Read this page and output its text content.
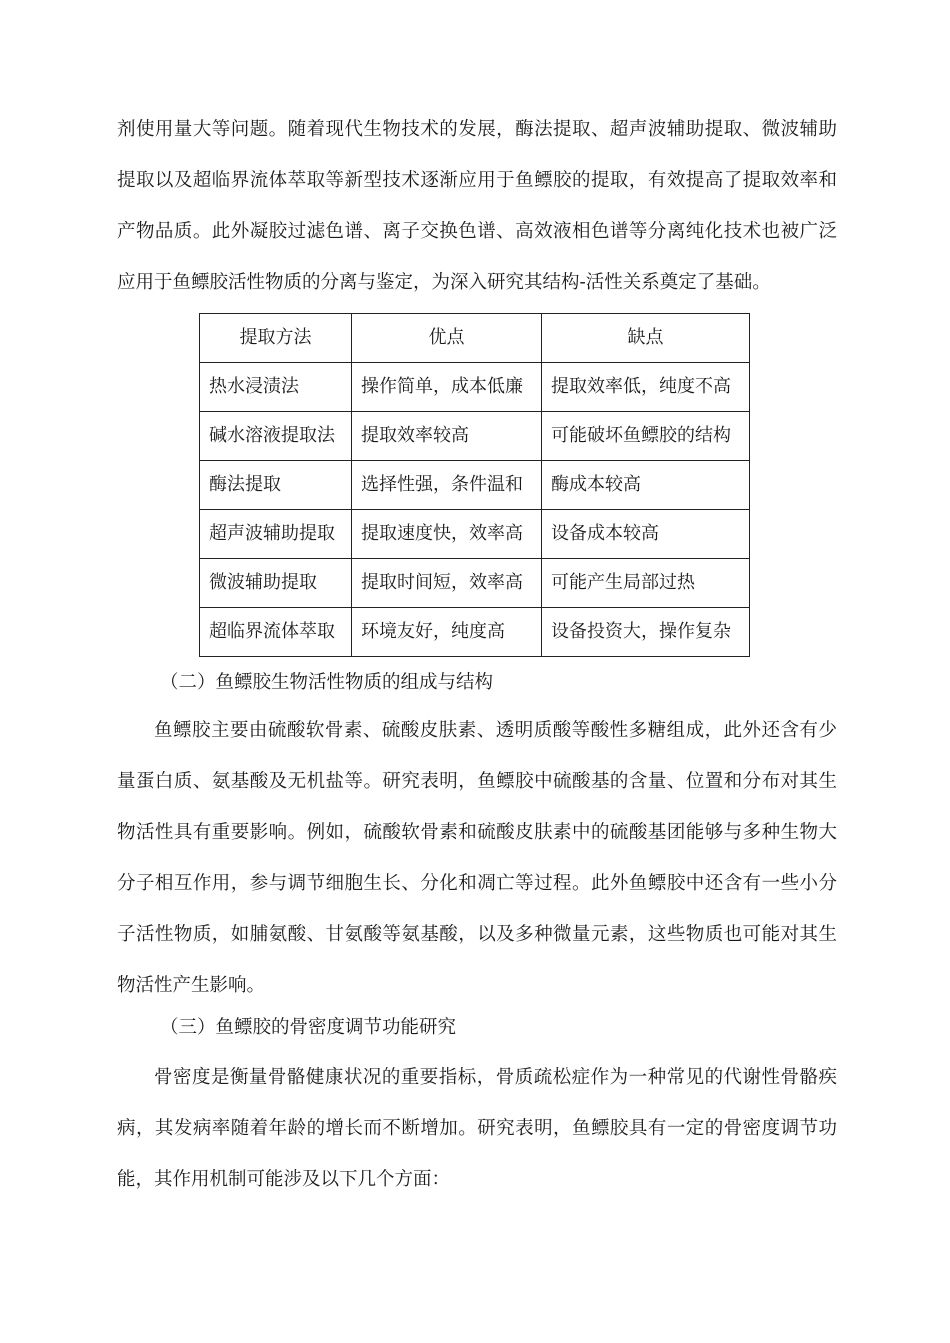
剂使用量大等问题。随着现代生物技术的发展，酶法提取、超声波辅助提取、微波辅助提取以及超临界流体萃取等新型技术逐渐应用于鱼鳔胶的提取，有效提高了提取效率和产物品质。此外凝胶过滤色谱、离子交换色谱、高效液相色谱等分离纯化技术也被广泛应用于鱼鳔胶活性物质的分离与鉴定，为深入研究其结构-活性关系奠定了基础。

提取方法	优点	缺点
热水浸渍法	操作简单，成本低廉	提取效率低，纯度不高
碱水溶液提取法	提取效率较高	可能破坏鱼鳔胶的结构
酶法提取	选择性强，条件温和	酶成本较高
超声波辅助提取	提取速度快，效率高	设备成本较高
微波辅助提取	提取时间短，效率高	可能产生局部过热
超临界流体萃取	环境友好，纯度高	设备投资大，操作复杂

（二）鱼鳔胶生物活性物质的组成与结构

鱼鳔胶主要由硫酸软骨素、硫酸皮肤素、透明质酸等酸性多糖组成，此外还含有少量蛋白质、氨基酸及无机盐等。研究表明，鱼鳔胶中硫酸基的含量、位置和分布对其生物活性具有重要影响。例如，硫酸软骨素和硫酸皮肤素中的硫酸基团能够与多种生物大分子相互作用，参与调节细胞生长、分化和凋亡等过程。此外鱼鳔胶中还含有一些小分子活性物质，如脯氨酸、甘氨酸等氨基酸，以及多种微量元素，这些物质也可能对其生物活性产生影响。

（三）鱼鳔胶的骨密度调节功能研究

骨密度是衡量骨骼健康状况的重要指标，骨质疏松症作为一种常见的代谢性骨骼疾病，其发病率随着年龄的增长而不断增加。研究表明，鱼鳔胶具有一定的骨密度调节功能，其作用机制可能涉及以下几个方面：
